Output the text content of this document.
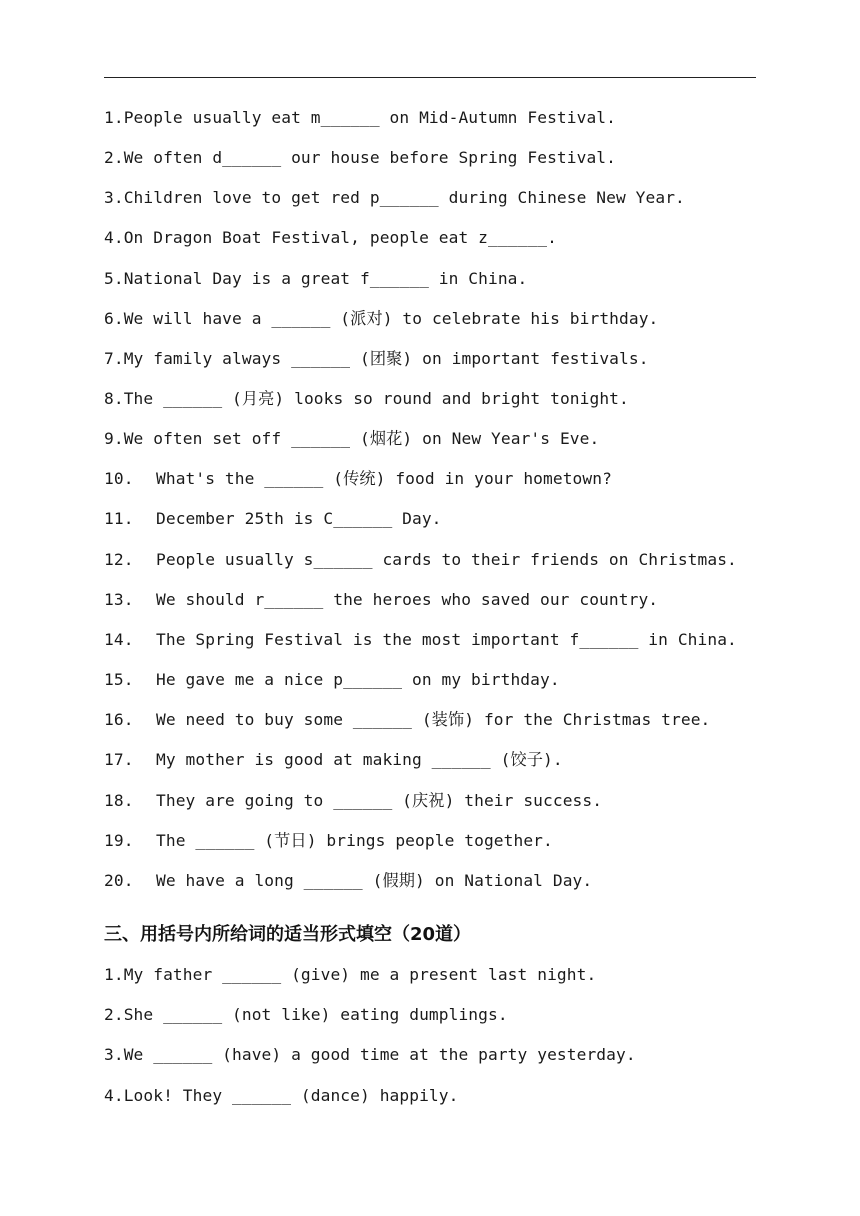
1.People usually eat m______ on Mid-Autumn Festival.
2.We often d______ our house before Spring Festival.
3.Children love to get red p______ during Chinese New Year.
4.On Dragon Boat Festival, people eat z______.
5.National Day is a great f______ in China.
6.We will have a ______ (派对) to celebrate his birthday.
7.My family always ______ (团聚) on important festivals.
8.The ______ (月亮) looks so round and bright tonight.
9.We often set off ______ (烟花) on New Year's Eve.
10. What's the ______ (传统) food in your hometown?
11. December 25th is C______ Day.
12. People usually s______ cards to their friends on Christmas.
13. We should r______ the heroes who saved our country.
14. The Spring Festival is the most important f______ in China.
15. He gave me a nice p______ on my birthday.
16. We need to buy some ______ (装饰) for the Christmas tree.
17. My mother is good at making ______ (饺子).
18. They are going to ______ (庆祝) their success.
19. The ______ (节日) brings people together.
20. We have a long ______ (假期) on National Day.
三、用括号内所给词的适当形式填空（20道）
1.My father ______ (give) me a present last night.
2.She ______ (not like) eating dumplings.
3.We ______ (have) a good time at the party yesterday.
4.Look! They ______ (dance) happily.
